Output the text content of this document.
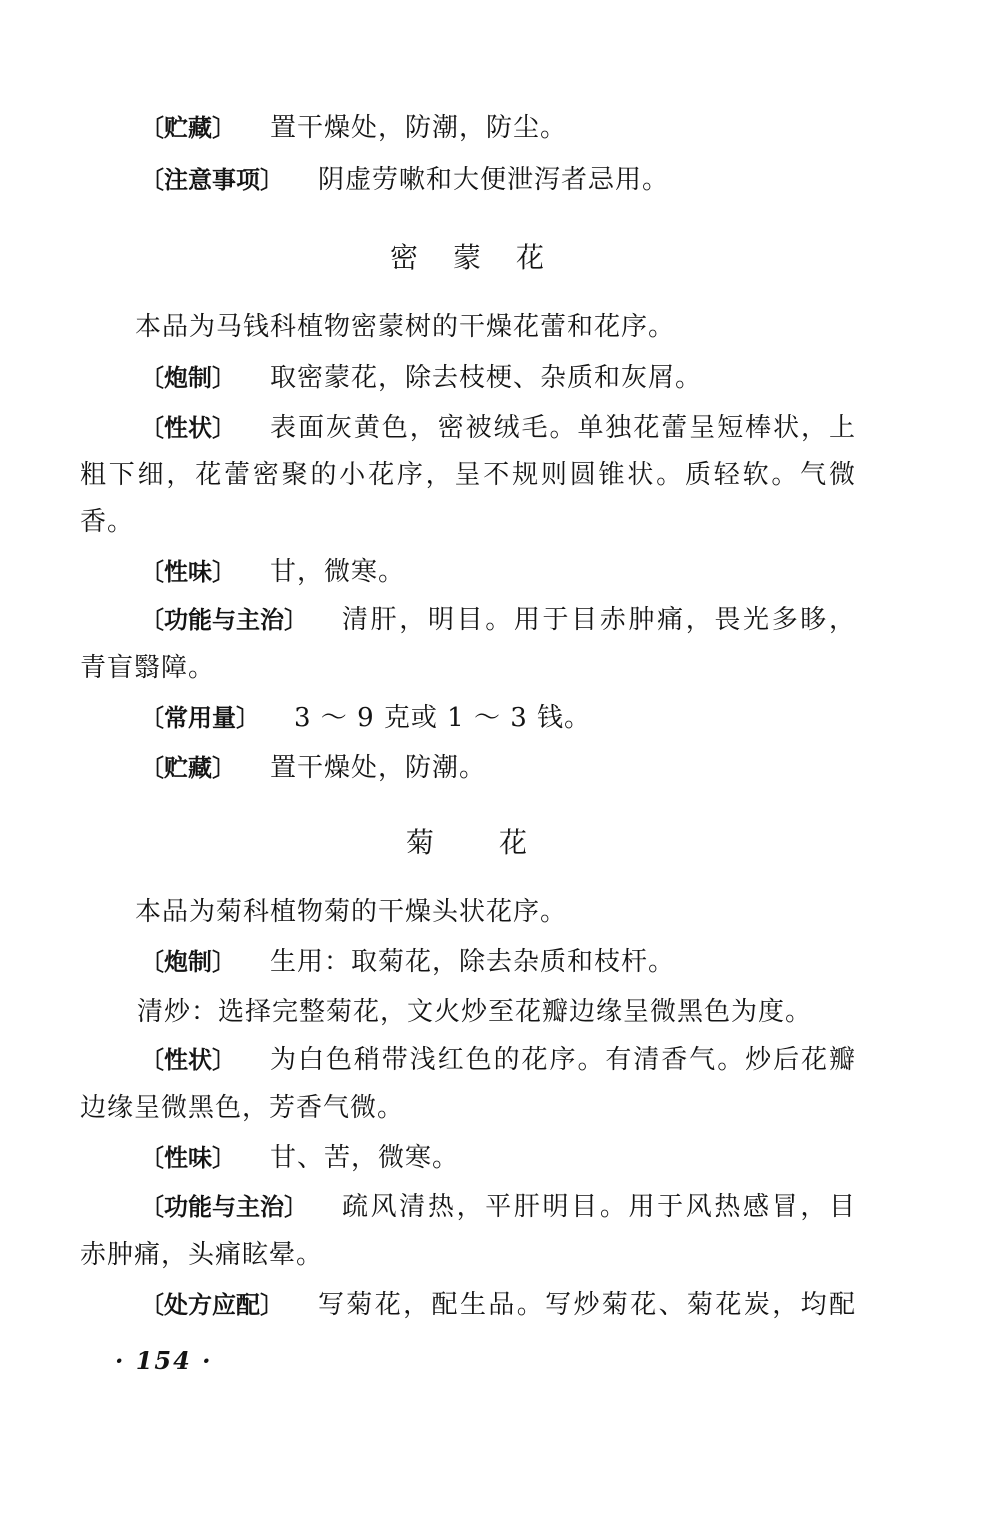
〔贮藏〕 置干燥处，防潮，防尘。
〔注意事项〕 阴虚劳嗽和大便泄泻者忌用。
密蒙花
本品为马钱科植物密蒙树的干燥花蕾和花序。
〔炮制〕 取密蒙花，除去枝梗、杂质和灰屑。
〔性状〕 表面灰黄色，密被绒毛。单独花蕾呈短棒状，上
粗下细，花蕾密聚的小花序，呈不规则圆锥状。质轻软。气微
香。
〔性味〕 甘，微寒。
〔功能与主治〕 清肝，明目。用于目赤肿痛，畏光多眵，
青盲翳障。
〔常用量〕 3 ～ 9 克或 1 ～ 3 钱。
〔贮藏〕 置干燥处，防潮。
菊花
本品为菊科植物菊的干燥头状花序。
〔炮制〕 生用：取菊花，除去杂质和枝杆。
清炒：选择完整菊花，文火炒至花瓣边缘呈微黑色为度。
〔性状〕 为白色稍带浅红色的花序。有清香气。炒后花瓣
边缘呈微黑色，芳香气微。
〔性味〕 甘、苦，微寒。
〔功能与主治〕 疏风清热，平肝明目。用于风热感冒，目
赤肿痛，头痛眩晕。
〔处方应配〕 写菊花，配生品。写炒菊花、菊花炭，均配
· 154 ·
